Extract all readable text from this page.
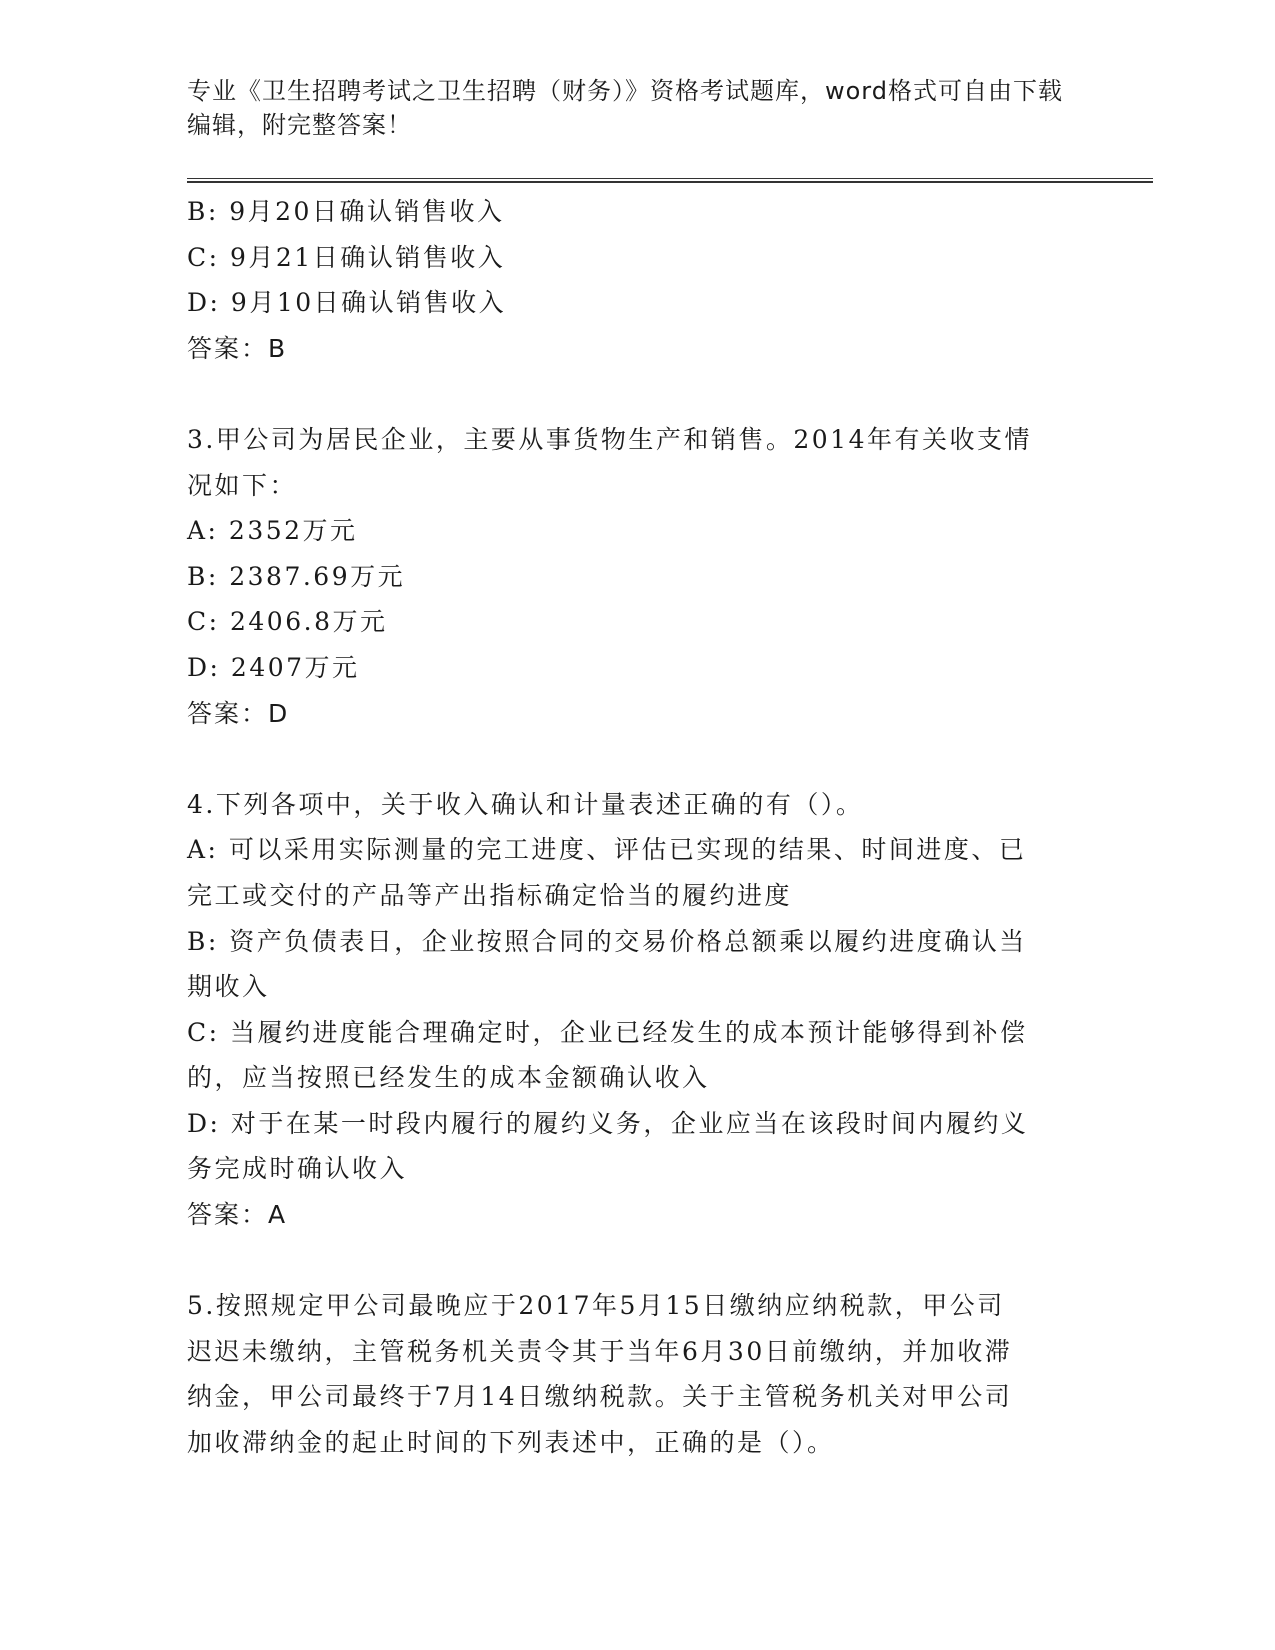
专业《卫生招聘考试之卫生招聘（财务）》资格考试题库，word格式可自由下载
编辑，附完整答案！
B: 9月20日确认销售收入
C: 9月21日确认销售收入
D: 9月10日确认销售收入
答案：B
3.甲公司为居民企业，主要从事货物生产和销售。2014年有关收支情
况如下：
A: 2352万元
B: 2387.69万元
C: 2406.8万元
D: 2407万元
答案：D
4.下列各项中，关于收入确认和计量表述正确的有（）。
A: 可以采用实际测量的完工进度、评估已实现的结果、时间进度、已
完工或交付的产品等产出指标确定恰当的履约进度
B: 资产负债表日，企业按照合同的交易价格总额乘以履约进度确认当
期收入
C: 当履约进度能合理确定时，企业已经发生的成本预计能够得到补偿
的，应当按照已经发生的成本金额确认收入
D: 对于在某一时段内履行的履约义务，企业应当在该段时间内履约义
务完成时确认收入
答案：A
5.按照规定甲公司最晚应于2017年5月15日缴纳应纳税款，甲公司
迟迟未缴纳，主管税务机关责令其于当年6月30日前缴纳，并加收滞
纳金，甲公司最终于7月14日缴纳税款。关于主管税务机关对甲公司
加收滞纳金的起止时间的下列表述中，正确的是（）。
